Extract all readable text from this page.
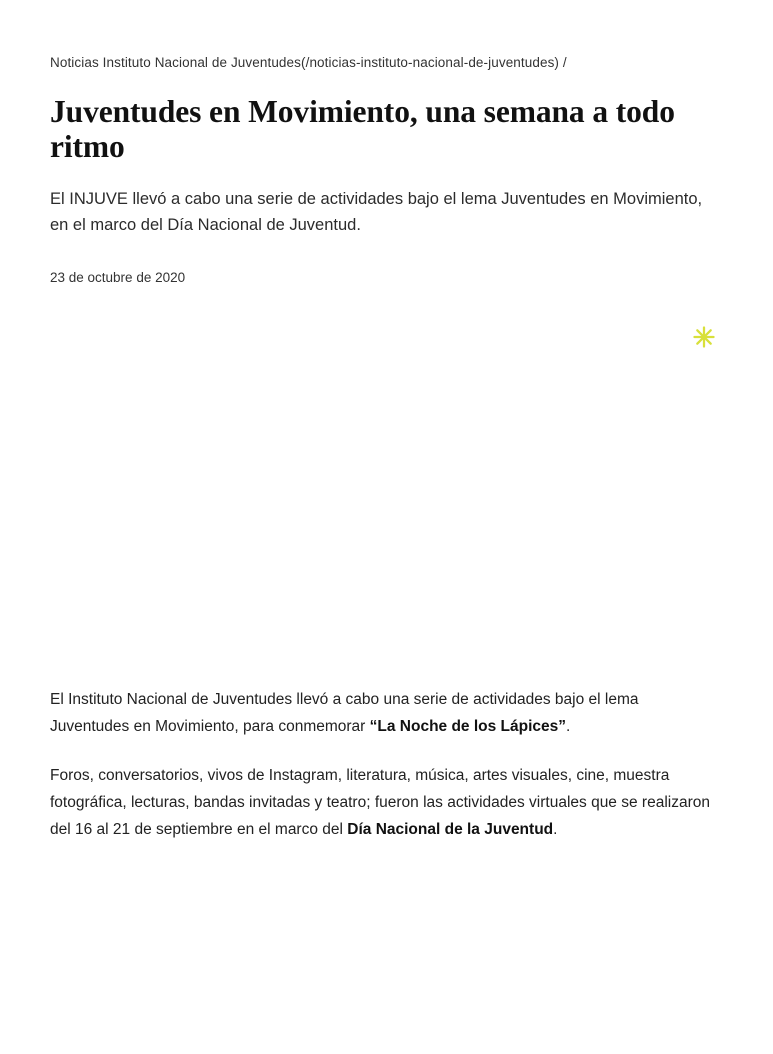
Noticias Instituto Nacional de Juventudes(/noticias-instituto-nacional-de-juventudes) /
Juventudes en Movimiento, una semana a todo ritmo
El INJUVE llevó a cabo una serie de actividades bajo el lema Juventudes en Movimiento, en el marco del Día Nacional de Juventud.
23 de octubre de 2020

El Instituto Nacional de Juventudes llevó a cabo una serie de actividades bajo el lema Juventudes en Movimiento, para conmemorar “La Noche de los Lápices”.

Foros, conversatorios, vivos de Instagram, literatura, música, artes visuales, cine, muestra fotográfica, lecturas, bandas invitadas y teatro; fueron las actividades virtuales que se realizaron del 16 al 21 de septiembre en el marco del Día Nacional de la Juventud.
